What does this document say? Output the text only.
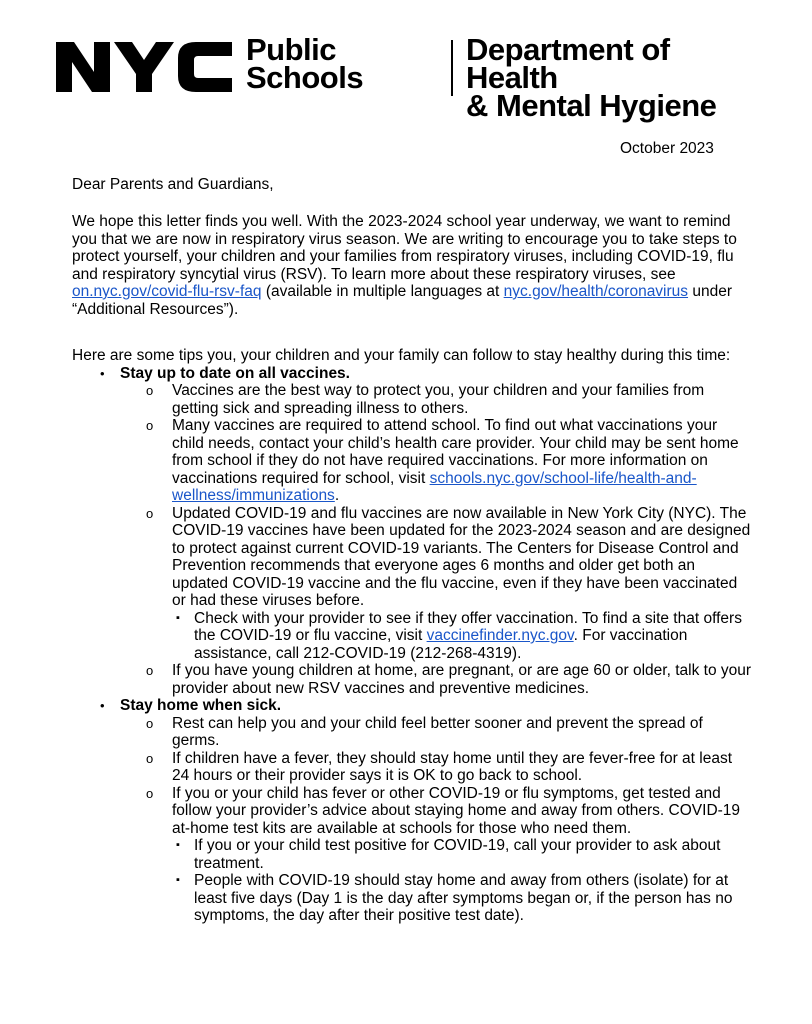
Public
Schools
Department of Health
& Mental Hygiene
October 2023
Dear Parents and Guardians,
We hope this letter finds you well. With the 2023-2024 school year underway, we want to remind you that we are now in respiratory virus season. We are writing to encourage you to take steps to protect yourself, your children and your families from respiratory viruses, including COVID-19, flu and respiratory syncytial virus (RSV). To learn more about these respiratory viruses, see on.nyc.gov/covid-flu-rsv-faq (available in multiple languages at nyc.gov/health/coronavirus under “Additional Resources”).
Here are some tips you, your children and your family can follow to stay healthy during this time:
• Stay up to date on all vaccines.
o Vaccines are the best way to protect you, your children and your families from getting sick and spreading illness to others.
o Many vaccines are required to attend school. To find out what vaccinations your child needs, contact your child’s health care provider. Your child may be sent home from school if they do not have required vaccinations. For more information on vaccinations required for school, visit schools.nyc.gov/school-life/health-and-wellness/immunizations.
o Updated COVID-19 and flu vaccines are now available in New York City (NYC). The COVID-19 vaccines have been updated for the 2023-2024 season and are designed to protect against current COVID-19 variants. The Centers for Disease Control and Prevention recommends that everyone ages 6 months and older get both an updated COVID-19 vaccine and the flu vaccine, even if they have been vaccinated or had these viruses before.
▪ Check with your provider to see if they offer vaccination. To find a site that offers the COVID-19 or flu vaccine, visit vaccinefinder.nyc.gov. For vaccination assistance, call 212-COVID-19 (212-268-4319).
o If you have young children at home, are pregnant, or are age 60 or older, talk to your provider about new RSV vaccines and preventive medicines.
• Stay home when sick.
o Rest can help you and your child feel better sooner and prevent the spread of germs.
o If children have a fever, they should stay home until they are fever-free for at least 24 hours or their provider says it is OK to go back to school.
o If you or your child has fever or other COVID-19 or flu symptoms, get tested and follow your provider’s advice about staying home and away from others. COVID-19 at-home test kits are available at schools for those who need them.
▪ If you or your child test positive for COVID-19, call your provider to ask about treatment.
▪ People with COVID-19 should stay home and away from others (isolate) for at least five days (Day 1 is the day after symptoms began or, if the person has no symptoms, the day after their positive test date).
